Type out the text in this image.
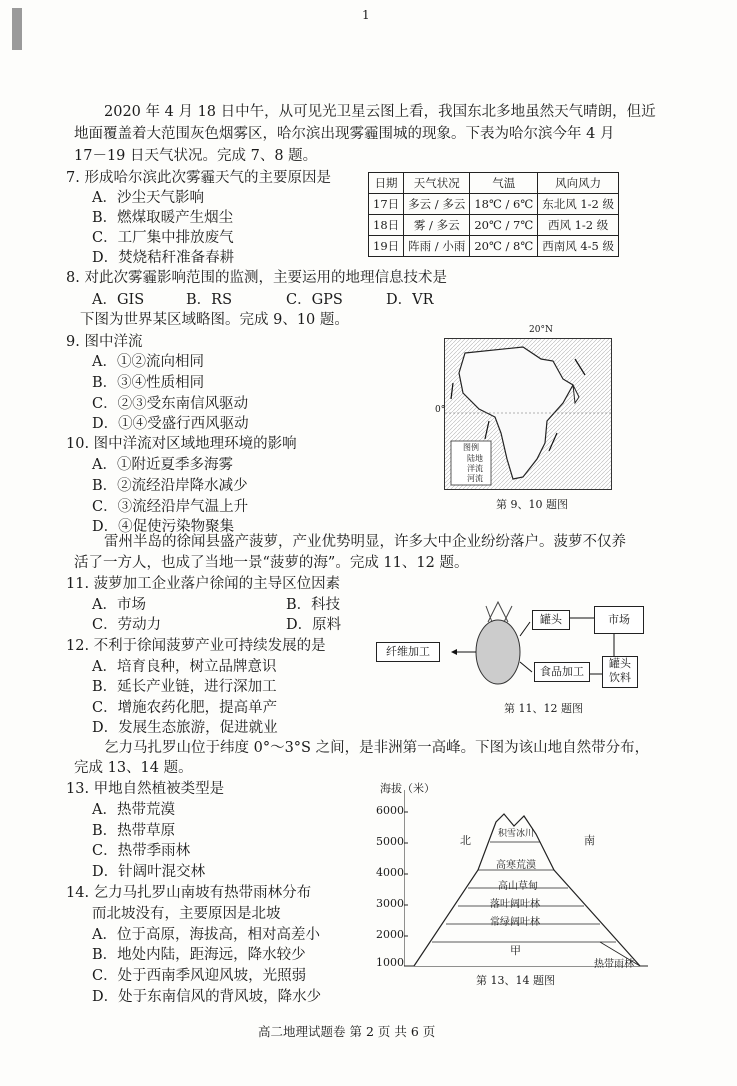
1
2020 年 4 月 18 日中午，从可见光卫星云图上看，我国东北多地虽然天气晴朗，但近
地面覆盖着大范围灰色烟雾区，哈尔滨出现雾霾围城的现象。下表为哈尔滨今年 4 月
17－19 日天气状况。完成 7、8 题。
日期	天气状况	气温	风向风力
17日	多云 / 多云	18℃ / 6℃	东北风 1-2 级
18日	雾 / 多云	20℃ / 7℃	西风 1-2 级
19日	阵雨 / 小雨	20℃ / 8℃	西南风 4-5 级
7. 形成哈尔滨此次雾霾天气的主要原因是
A．沙尘天气影响
B．燃煤取暖产生烟尘
C．工厂集中排放废气
D．焚烧秸秆准备春耕
8. 对此次雾霾影响范围的监测，主要运用的地理信息技术是
A．GIS	B．RS	C．GPS	D．VR
下图为世界某区域略图。完成 9、10 题。
9. 图中洋流
A．①②流向相同
B．③④性质相同
C．②③受东南信风驱动
D．①④受盛行西风驱动
10. 图中洋流对区域地理环境的影响
A．①附近夏季多海雾
B．②流经沿岸降水减少
C．③流经沿岸气温上升
D．④促使污染物聚集
20°N
0°
图例
陆地
洋流
河流
第 9、10 题图
雷州半岛的徐闻县盛产菠萝，产业优势明显，许多大中企业纷纷落户。菠萝不仅养
活了一方人，也成了当地一景“菠萝的海”。完成 11、12 题。
11. 菠萝加工企业落户徐闻的主导区位因素
A．市场	B．科技
C．劳动力	D．原料
12. 不利于徐闻菠萝产业可持续发展的是
A．培育良种，树立品牌意识
B．延长产业链，进行深加工
C．增施农药化肥，提高单产
D．发展生态旅游，促进就业
纤维加工
罐头	市场
食品加工
罐头
饮料
第 11、12 题图
乞力马扎罗山位于纬度 0°～3°S 之间，是非洲第一高峰。下图为该山地自然带分布，
完成 13、14 题。
13. 甲地自然植被类型是
A．热带荒漠
B．热带草原
C．热带季雨林
D．针阔叶混交林
14. 乞力马扎罗山南坡有热带雨林分布
而北坡没有，主要原因是北坡
A．位于高原，海拔高，相对高差小
B．地处内陆，距海远，降水较少
C．处于西南季风迎风坡，光照弱
D．处于东南信风的背风坡，降水少
海拔（米）
6000
5000
4000
3000
2000
1000
北	南
积雪冰川
高寒荒漠
高山草甸
落叶阔叶林
常绿阔叶林
甲
热带雨林
第 13、14 题图
高二地理试题卷 第 2 页 共 6 页
